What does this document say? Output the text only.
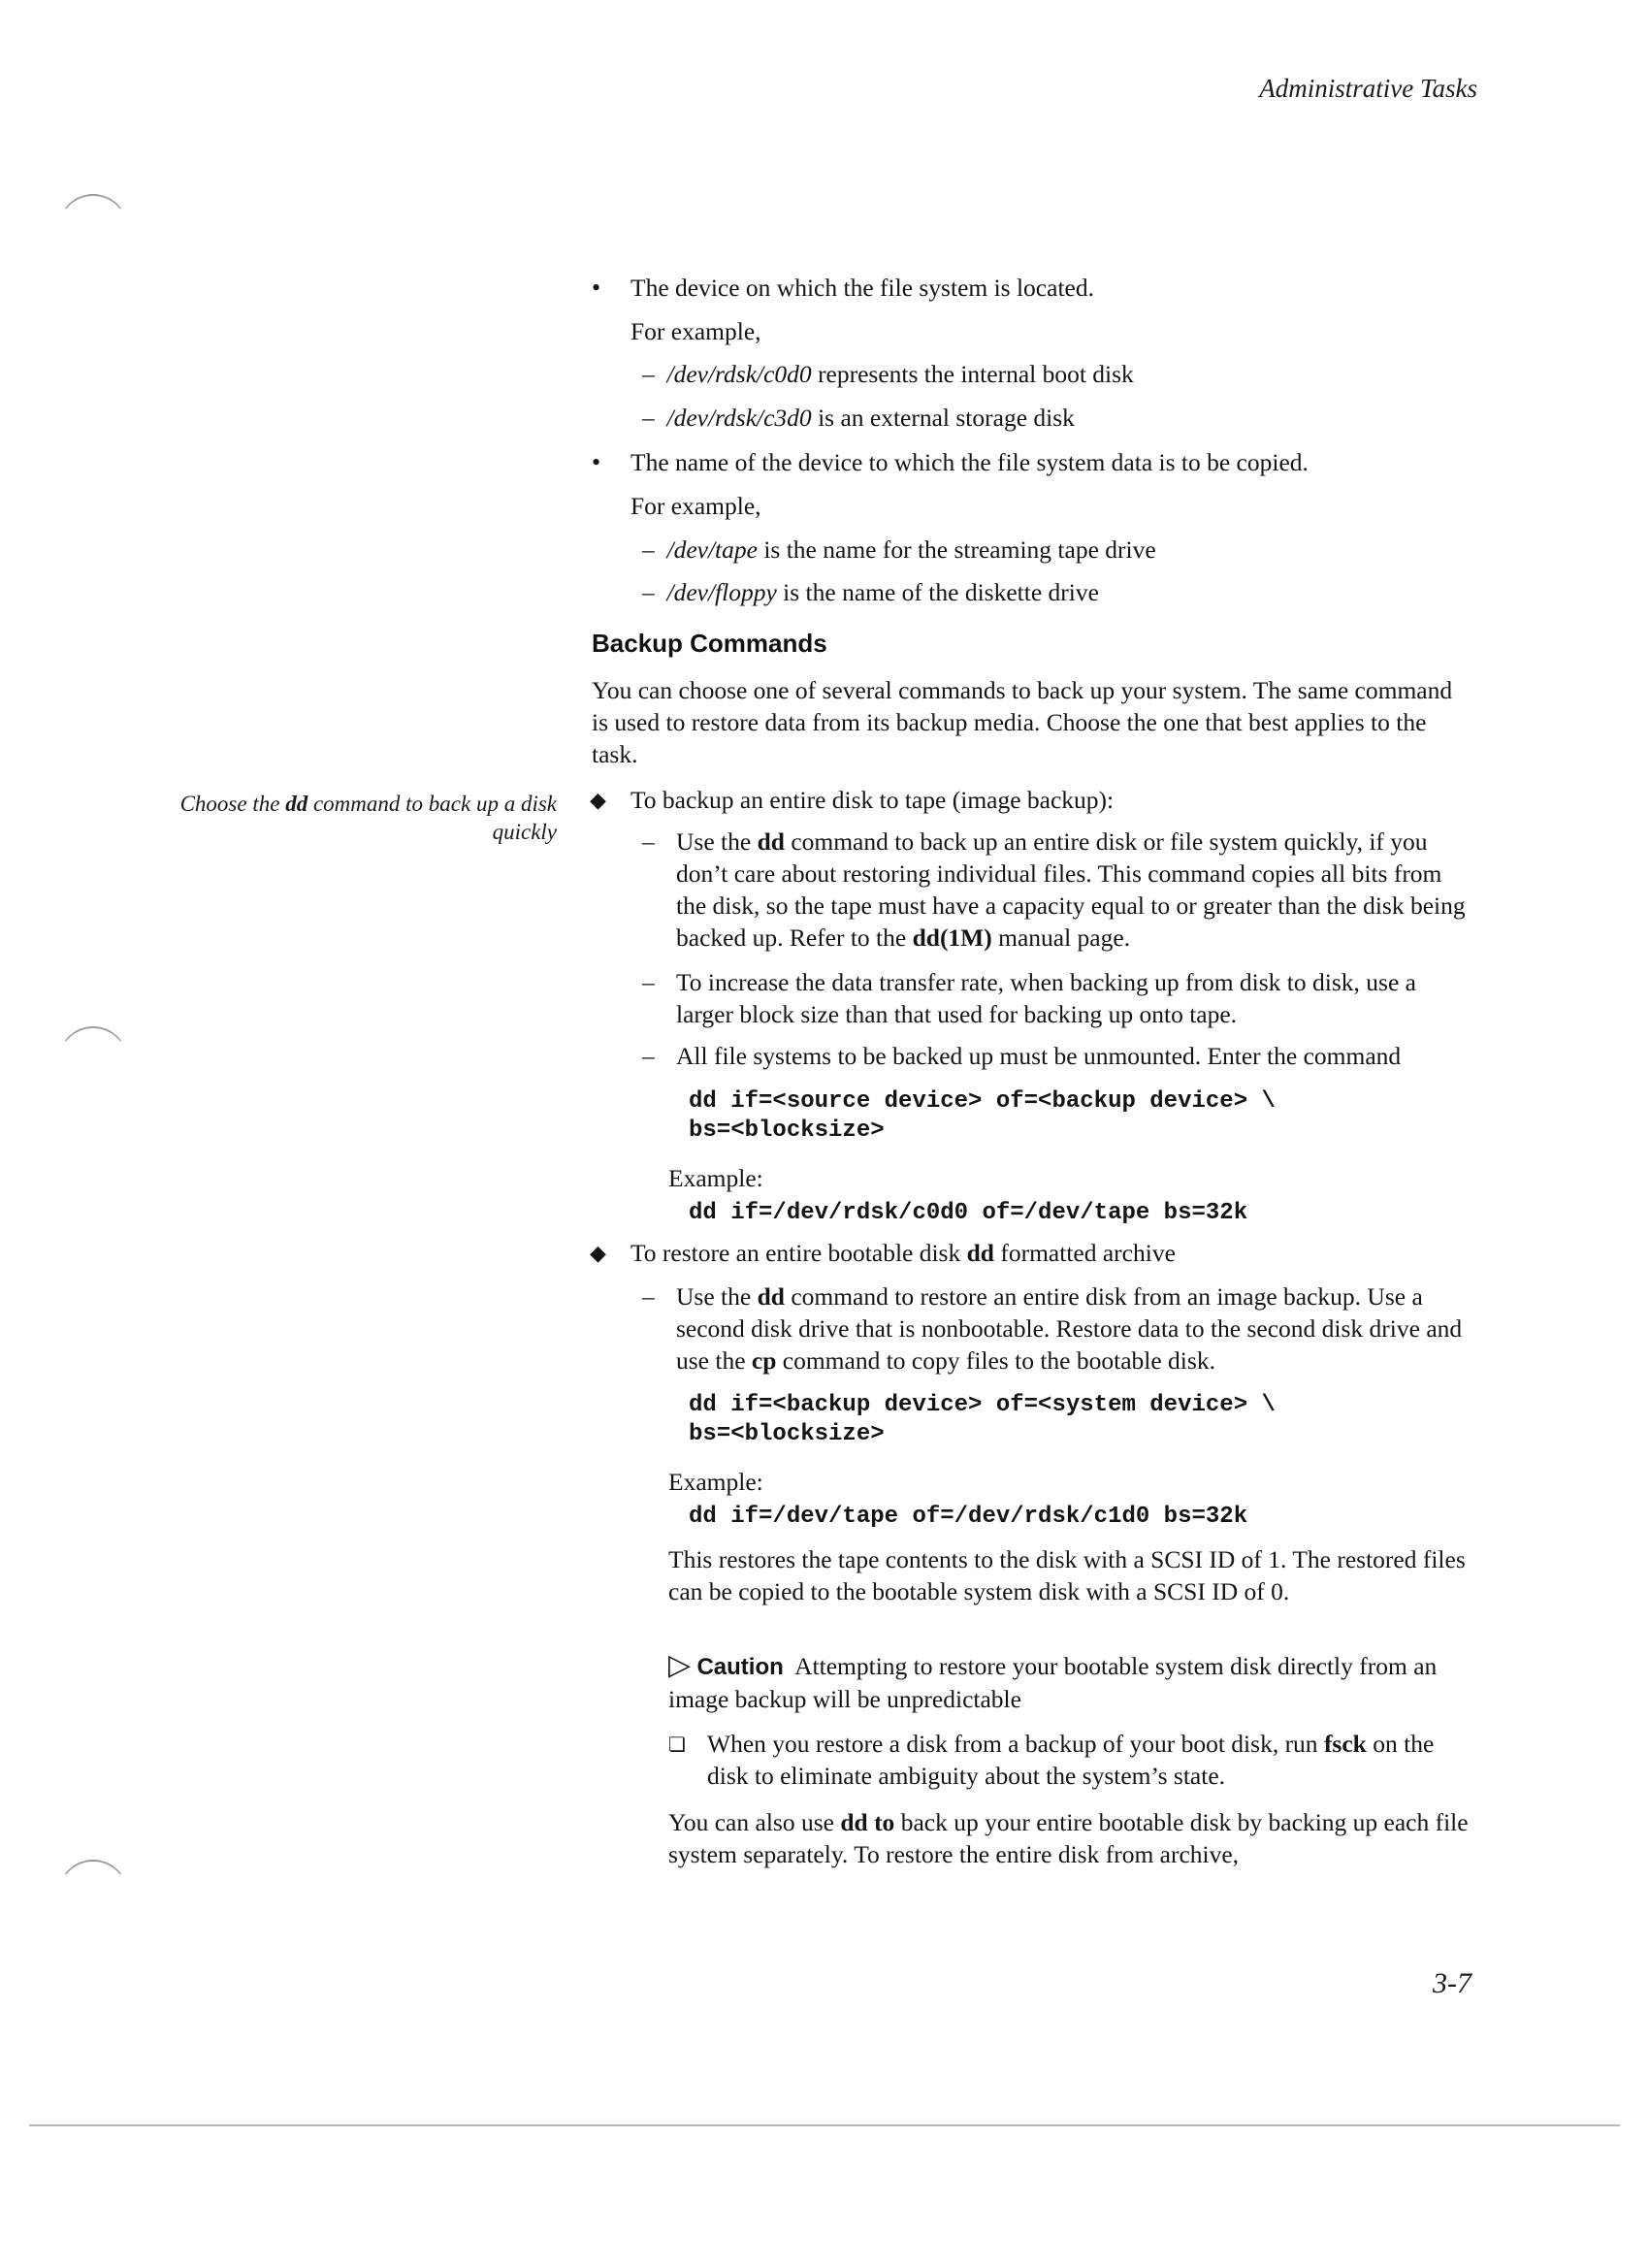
Administrative Tasks
Choose the dd command to back up a disk quickly
•	The device on which the file system is located.
For example,
–  /dev/rdsk/c0d0 represents the internal boot disk
–  /dev/rdsk/c3d0 is an external storage disk
•	The name of the device to which the file system data is to be copied.
For example,
–  /dev/tape is the name for the streaming tape drive
–  /dev/floppy is the name of the diskette drive
Backup Commands
You can choose one of several commands to back up your system. The same command is used to restore data from its backup media. Choose the one that best applies to the task.
◆ To backup an entire disk to tape (image backup):
– Use the dd command to back up an entire disk or file system quickly, if you don’t care about restoring individual files. This command copies all bits from the disk, so the tape must have a capacity equal to or greater than the disk being backed up. Refer to the dd(1M) manual page.
– To increase the data transfer rate, when backing up from disk to disk, use a larger block size than that used for backing up onto tape.
– All file systems to be backed up must be unmounted. Enter the command
dd if=<source device> of=<backup device> \
bs=<blocksize>
Example:
dd if=/dev/rdsk/c0d0 of=/dev/tape bs=32k
◆ To restore an entire bootable disk dd formatted archive
– Use the dd command to restore an entire disk from an image backup. Use a second disk drive that is nonbootable. Restore data to the second disk drive and use the cp command to copy files to the bootable disk.
dd if=<backup device> of=<system device> \
bs=<blocksize>
Example:
dd if=/dev/tape of=/dev/rdsk/c1d0 bs=32k
This restores the tape contents to the disk with a SCSI ID of 1. The restored files can be copied to the bootable system disk with a SCSI ID of 0.
▷ Caution Attempting to restore your bootable system disk directly from an image backup will be unpredictable
❏ When you restore a disk from a backup of your boot disk, run fsck on the disk to eliminate ambiguity about the system’s state.
You can also use dd to back up your entire bootable disk by backing up each file system separately. To restore the entire disk from archive,
3-7
